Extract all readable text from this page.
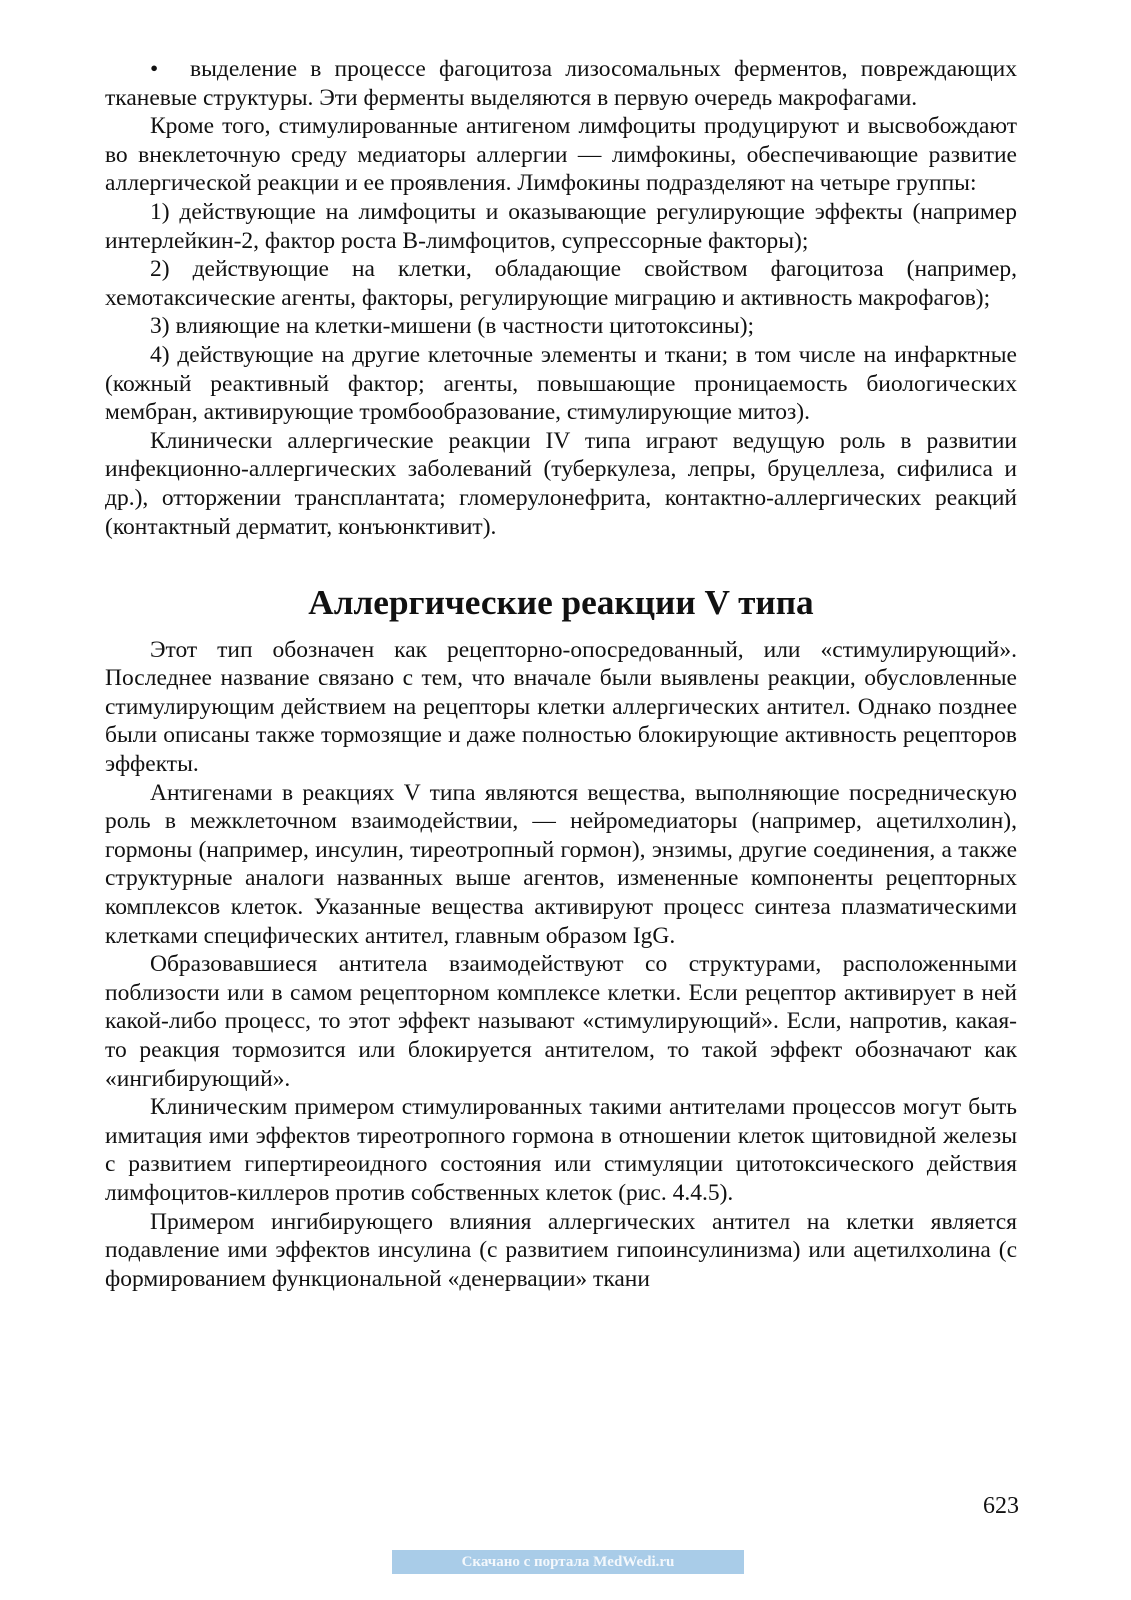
• выделение в процессе фагоцитоза лизосомальных ферментов, повреждающих тканевые структуры. Эти ферменты выделяются в первую очередь макрофагами.

Кроме того, стимулированные антигеном лимфоциты продуцируют и высвобождают во внеклеточную среду медиаторы аллергии — лимфокины, обеспечивающие развитие аллергической реакции и ее проявления. Лимфокины подразделяют на четыре группы:

1) действующие на лимфоциты и оказывающие регулирующие эффекты (например интерлейкин-2, фактор роста В-лимфоцитов, супрессорные факторы);

2) действующие на клетки, обладающие свойством фагоцитоза (например, хемотаксические агенты, факторы, регулирующие миграцию и активность макрофагов);

3) влияющие на клетки-мишени (в частности цитотоксины);

4) действующие на другие клеточные элементы и ткани; в том числе на инфарктные (кожный реактивный фактор; агенты, повышающие проницаемость биологических мембран, активирующие тромбообразование, стимулирующие митоз).

Клинически аллергические реакции IV типа играют ведущую роль в развитии инфекционно-аллергических заболеваний (туберкулеза, лепры, бруцеллеза, сифилиса и др.), отторжении трансплантата; гломерулонефрита, контактно-аллергических реакций (контактный дерматит, конъюнктивит).

Аллергические реакции V типа

Этот тип обозначен как рецепторно-опосредованный, или «стимулирующий». Последнее название связано с тем, что вначале были выявлены реакции, обусловленные стимулирующим действием на рецепторы клетки аллергических антител. Однако позднее были описаны также тормозящие и даже полностью блокирующие активность рецепторов эффекты.

Антигенами в реакциях V типа являются вещества, выполняющие посредническую роль в межклеточном взаимодействии, — нейромедиаторы (например, ацетилхолин), гормоны (например, инсулин, тиреотропный гормон), энзимы, другие соединения, а также структурные аналоги названных выше агентов, измененные компоненты рецепторных комплексов клеток. Указанные вещества активируют процесс синтеза плазматическими клетками специфических антител, главным образом IgG.

Образовавшиеся антитела взаимодействуют со структурами, расположенными поблизости или в самом рецепторном комплексе клетки. Если рецептор активирует в ней какой-либо процесс, то этот эффект называют «стимулирующий». Если, напротив, какая-то реакция тормозится или блокируется антителом, то такой эффект обозначают как «ингибирующий».

Клиническим примером стимулированных такими антителами процессов могут быть имитация ими эффектов тиреотропного гормона в отношении клеток щитовидной железы с развитием гипертиреоидного состояния или стимуляции цитотоксического действия лимфоцитов-киллеров против собственных клеток (рис. 4.4.5).

Примером ингибирующего влияния аллергических антител на клетки является подавление ими эффектов инсулина (с развитием гипоинсулинизма) или ацетилхолина (с формированием функциональной «денервации» ткани

623
Скачано с портала MedWedi.ru
